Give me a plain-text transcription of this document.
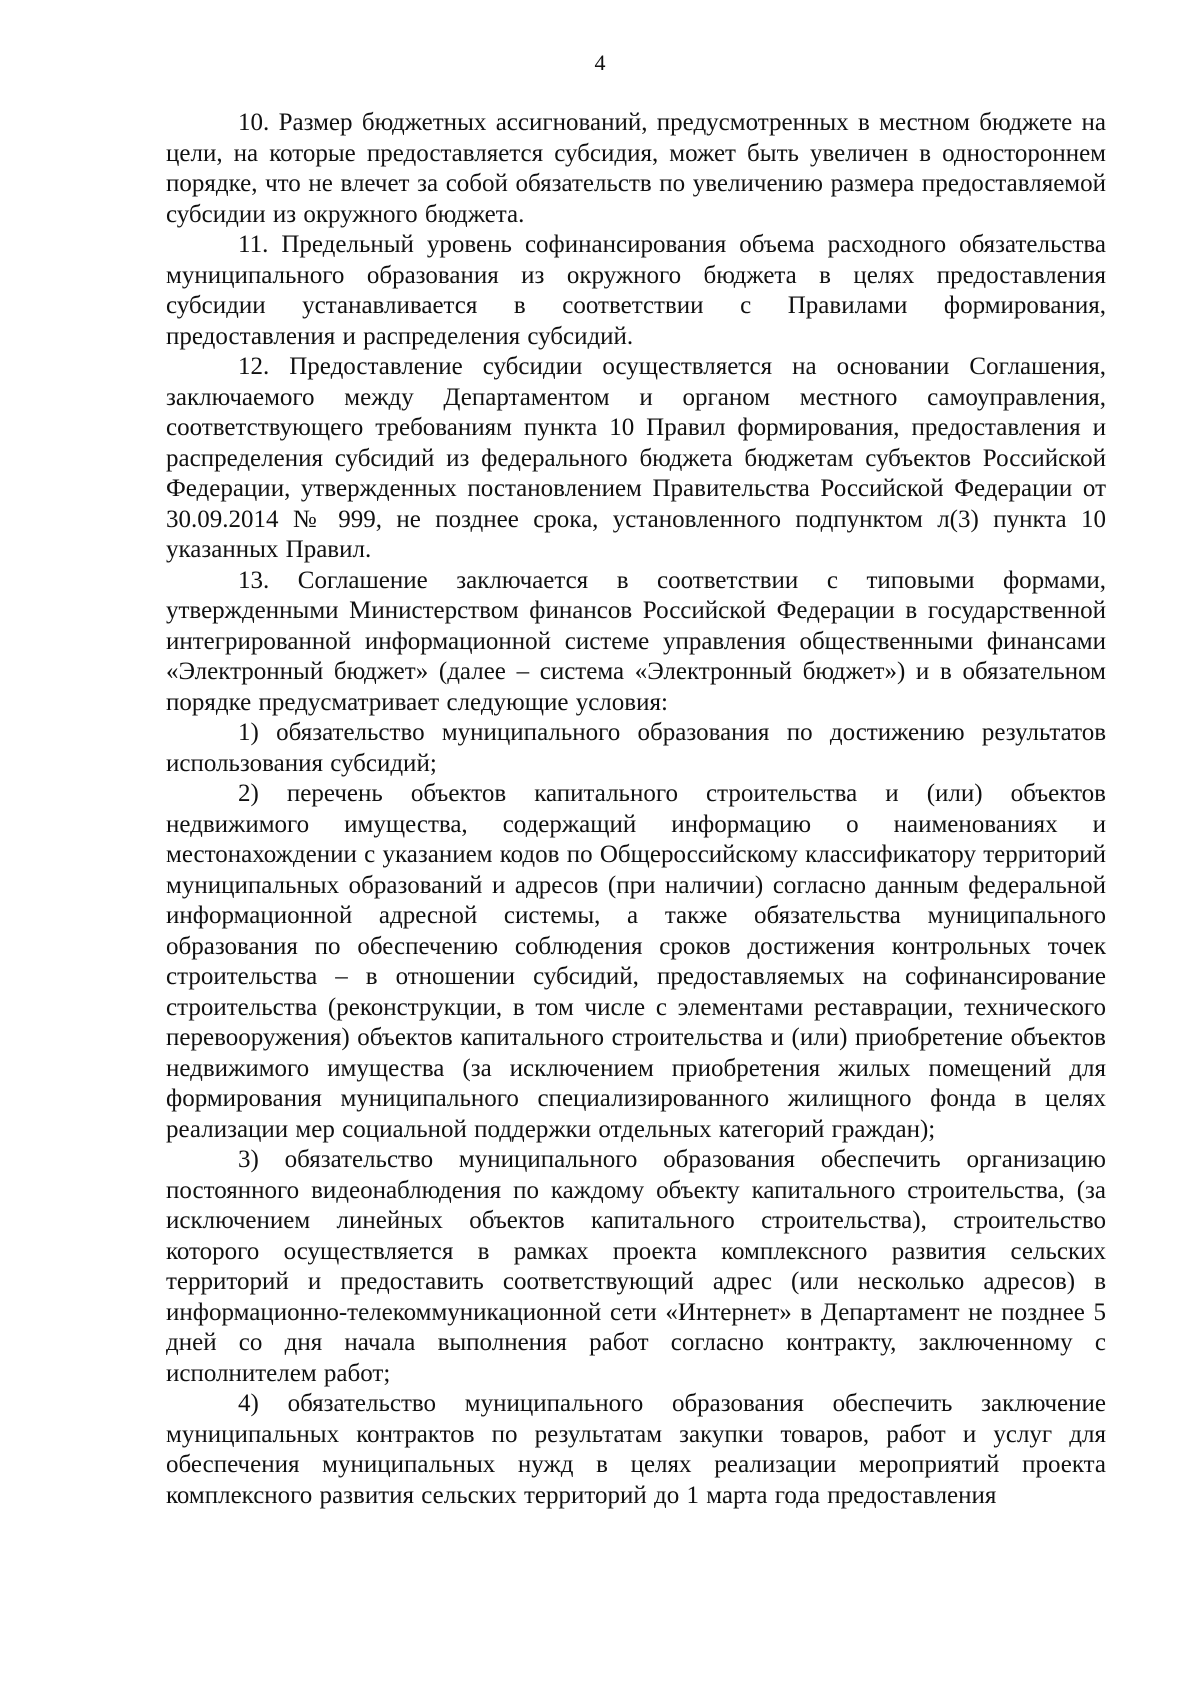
4

10. Размер бюджетных ассигнований, предусмотренных в местном бюджете на цели, на которые предоставляется субсидия, может быть увеличен в одностороннем порядке, что не влечет за собой обязательств по увеличению размера предоставляемой субсидии из окружного бюджета.

11. Предельный уровень софинансирования объема расходного обязательства муниципального образования из окружного бюджета в целях предоставления субсидии устанавливается в соответствии с Правилами формирования, предоставления и распределения субсидий.

12. Предоставление субсидии осуществляется на основании Соглашения, заключаемого между Департаментом и органом местного самоуправления, соответствующего требованиям пункта 10 Правил формирования, предоставления и распределения субсидий из федерального бюджета бюджетам субъектов Российской Федерации, утвержденных постановлением Правительства Российской Федерации от 30.09.2014 № 999, не позднее срока, установленного подпунктом л(3) пункта 10 указанных Правил.

13. Соглашение заключается в соответствии с типовыми формами, утвержденными Министерством финансов Российской Федерации в государственной интегрированной информационной системе управления общественными финансами «Электронный бюджет» (далее – система «Электронный бюджет») и в обязательном порядке предусматривает следующие условия:

1) обязательство муниципального образования по достижению результатов использования субсидий;

2) перечень объектов капитального строительства и (или) объектов недвижимого имущества, содержащий информацию о наименованиях и местонахождении с указанием кодов по Общероссийскому классификатору территорий муниципальных образований и адресов (при наличии) согласно данным федеральной информационной адресной системы, а также обязательства муниципального образования по обеспечению соблюдения сроков достижения контрольных точек строительства – в отношении субсидий, предоставляемых на софинансирование строительства (реконструкции, в том числе с элементами реставрации, технического перевооружения) объектов капитального строительства и (или) приобретение объектов недвижимого имущества (за исключением приобретения жилых помещений для формирования муниципального специализированного жилищного фонда в целях реализации мер социальной поддержки отдельных категорий граждан);

3) обязательство муниципального образования обеспечить организацию постоянного видеонаблюдения по каждому объекту капитального строительства, (за исключением линейных объектов капитального строительства), строительство которого осуществляется в рамках проекта комплексного развития сельских территорий и предоставить соответствующий адрес (или несколько адресов) в информационно-телекоммуникационной сети «Интернет» в Департамент не позднее 5 дней со дня начала выполнения работ согласно контракту, заключенному с исполнителем работ;

4) обязательство муниципального образования обеспечить заключение муниципальных контрактов по результатам закупки товаров, работ и услуг для обеспечения муниципальных нужд в целях реализации мероприятий проекта комплексного развития сельских территорий до 1 марта года предоставления
